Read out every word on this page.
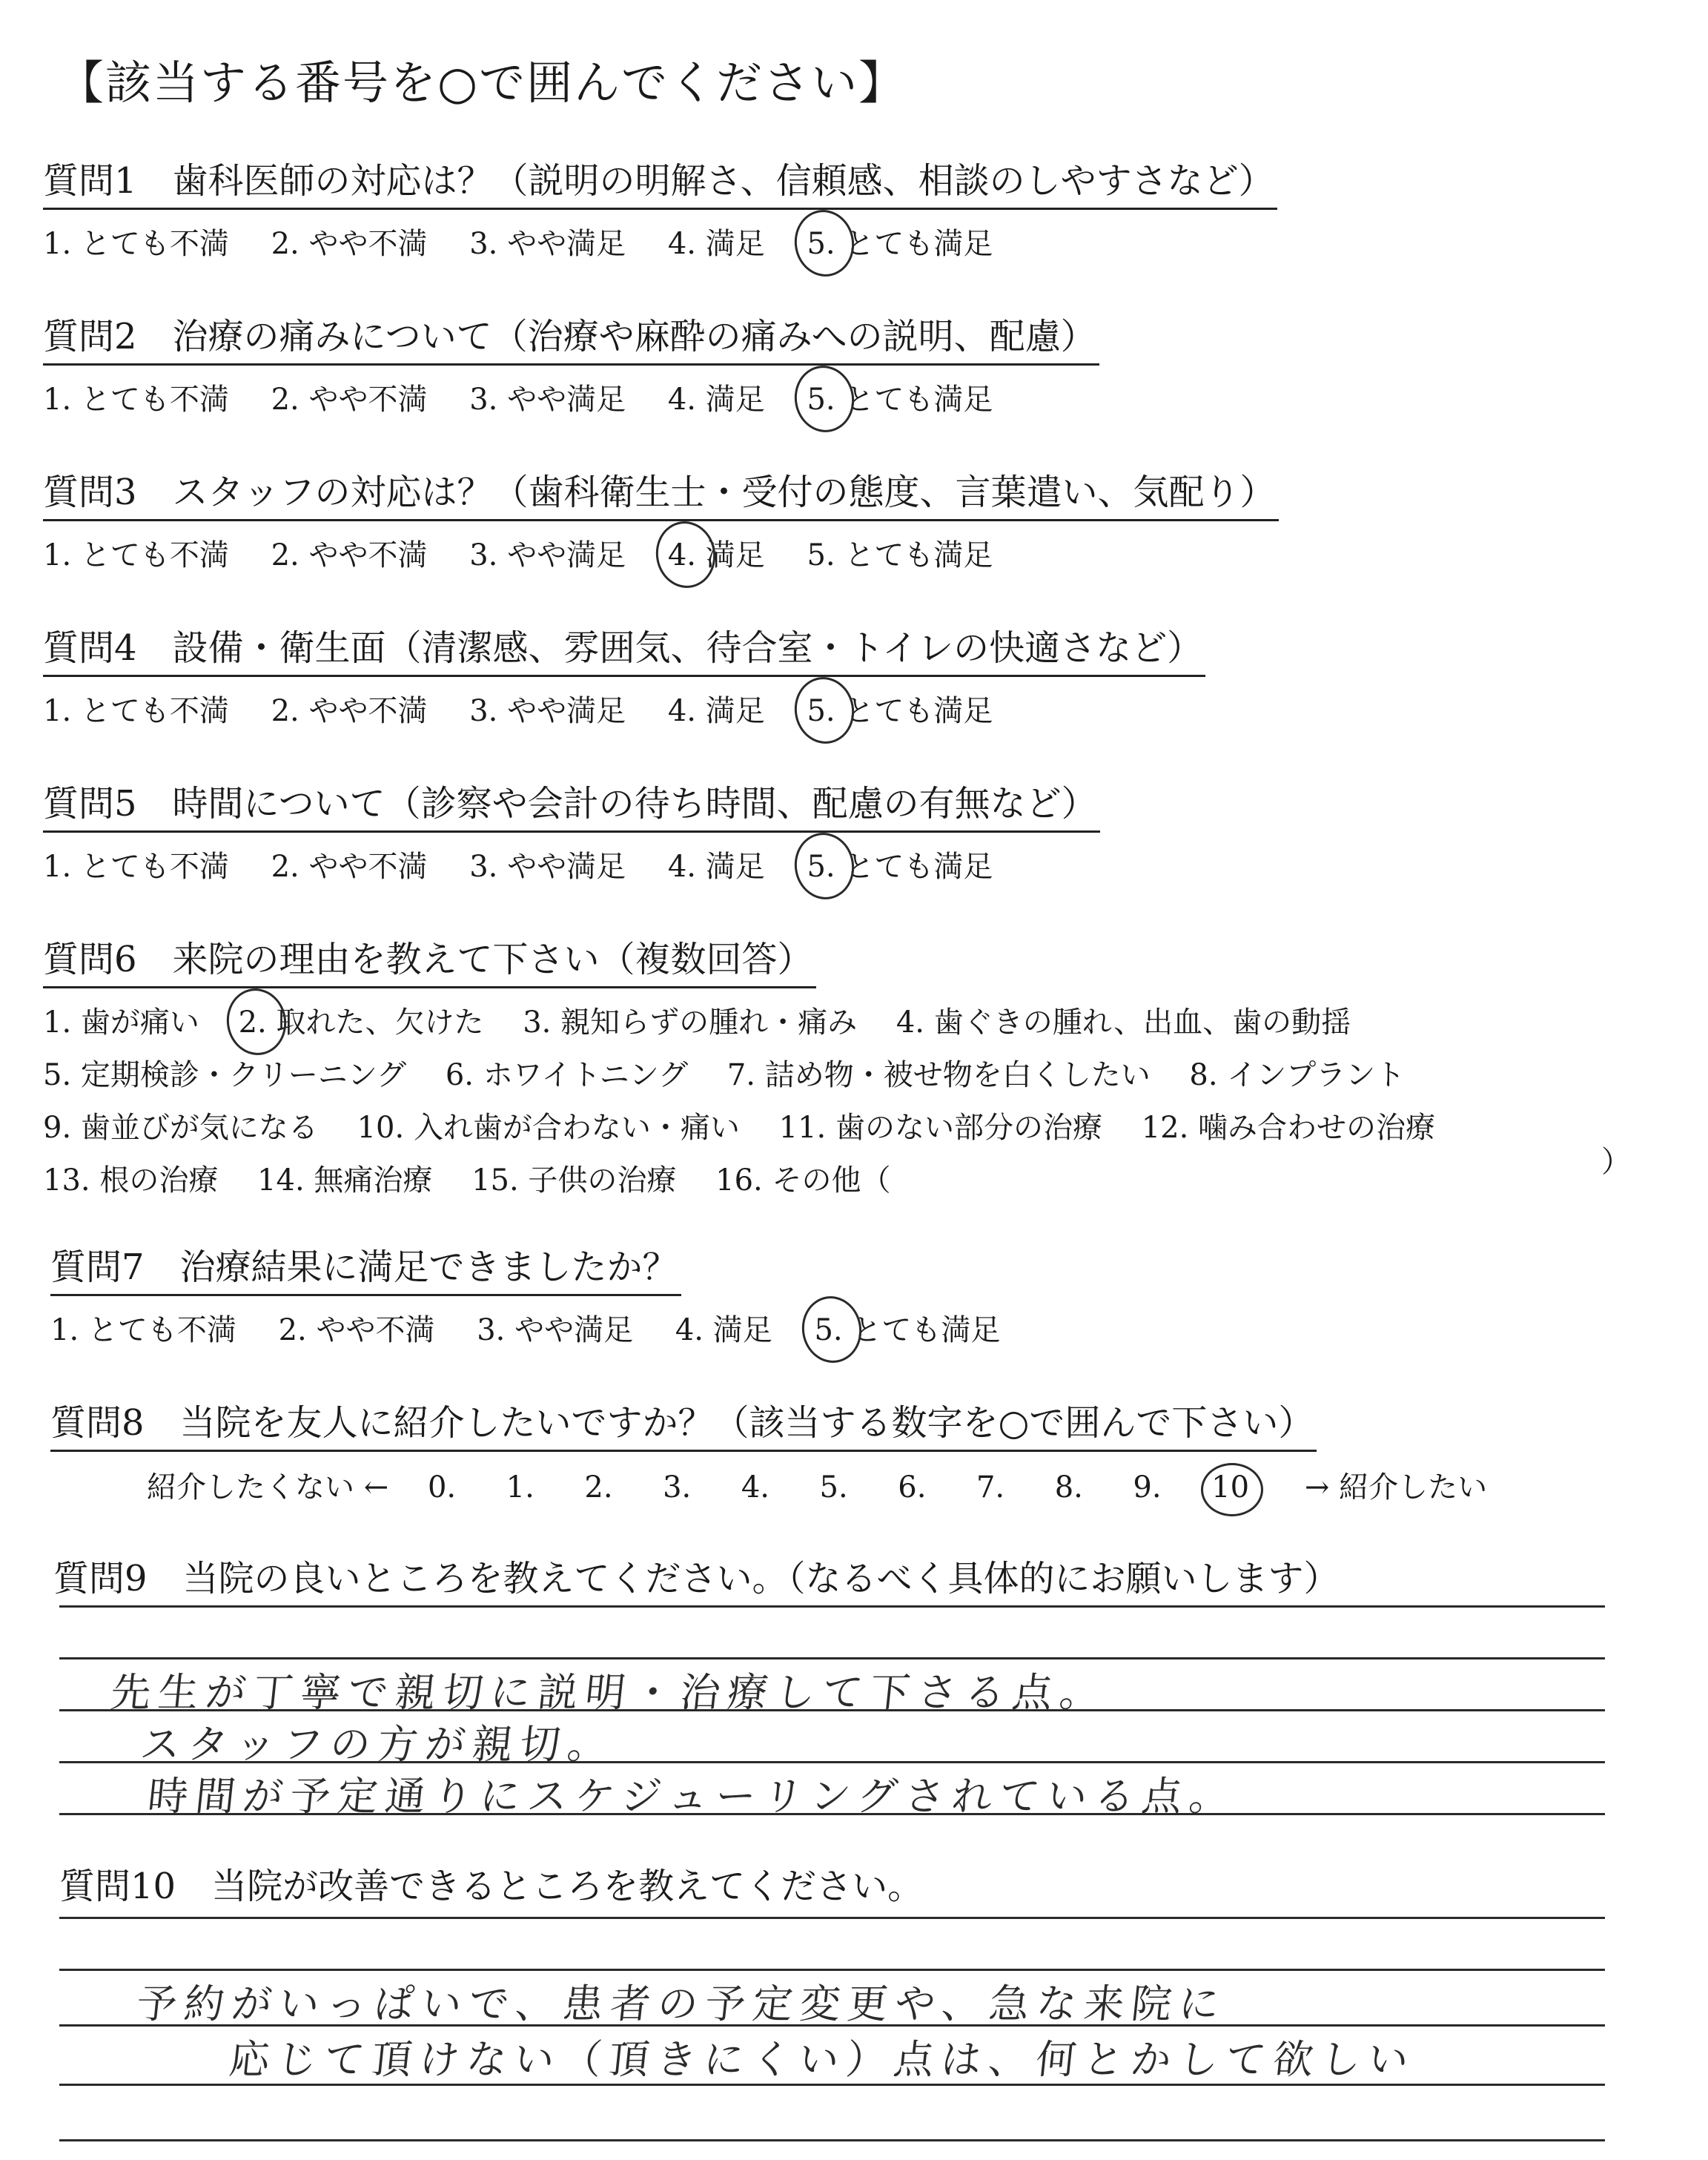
【該当する番号を○で囲んでください】
質問1　歯科医師の対応は？（説明の明解さ、信頼感、相談のしやすさなど）
1. とても不満 2. やや不満 3. やや満足 4. 満足 5. とても満足
質問2　治療の痛みについて（治療や麻酔の痛みへの説明、配慮）
1. とても不満 2. やや不満 3. やや満足 4. 満足 5. とても満足
質問3　スタッフの対応は？（歯科衛生士・受付の態度、言葉遣い、気配り）
1. とても不満 2. やや不満 3. やや満足 4. 満足 5. とても満足
質問4　設備・衛生面（清潔感、雰囲気、待合室・トイレの快適さなど）
1. とても不満 2. やや不満 3. やや満足 4. 満足 5. とても満足
質問5　時間について（診察や会計の待ち時間、配慮の有無など）
1. とても不満 2. やや不満 3. やや満足 4. 満足 5. とても満足
質問6　来院の理由を教えて下さい（複数回答）
1. 歯が痛い 2. 取れた、欠けた 3. 親知らずの腫れ・痛み 4. 歯ぐきの腫れ、出血、歯の動揺
5. 定期検診・クリーニング 6. ホワイトニング 7. 詰め物・被せ物を白くしたい 8. インプラント
9. 歯並びが気になる 10. 入れ歯が合わない・痛い 11. 歯のない部分の治療 12. 噛み合わせの治療
13. 根の治療 14. 無痛治療 15. 子供の治療 16. その他（
）
質問7　治療結果に満足できましたか？
1. とても不満 2. やや不満 3. やや満足 4. 満足 5. とても満足
質問8　当院を友人に紹介したいですか？（該当する数字を○で囲んで下さい）
紹介したくない ← 0. 1. 2. 3. 4. 5. 6. 7. 8. 9. 10 → 紹介したい
質問9　当院の良いところを教えてください。（なるべく具体的にお願いします）
先生が丁寧で親切に説明・治療して下さる点。
スタッフの方が親切。
時間が予定通りにスケジューリングされている点。
質問10　当院が改善できるところを教えてください。
予約がいっぱいで、患者の予定変更や、急な来院に
応じて頂けない（頂きにくい）点は、何とかして欲しい
